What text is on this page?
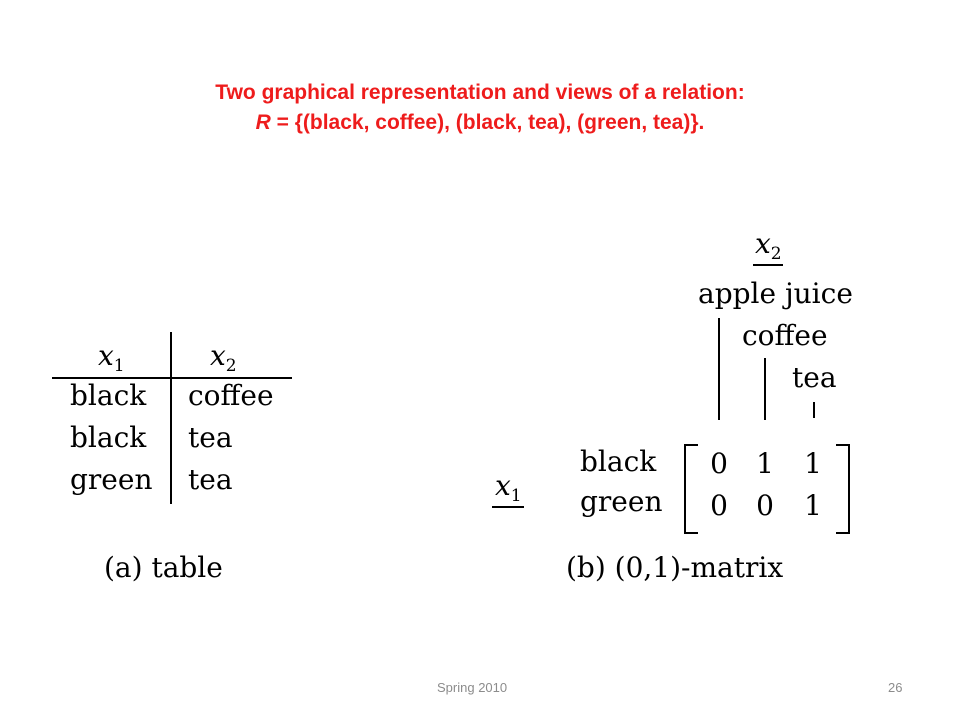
Two graphical representation and views of a relation:
R = {(black, coffee), (black, tea), (green, tea)}.
$x_1$	$x_2$
black coffee
black tea
green tea
(a) table
$x_2$
apple juice
coffee
tea
$x_1$
black
green
0 1 1
0 0 1
(b) (0,1)-matrix
Spring 2010	26
